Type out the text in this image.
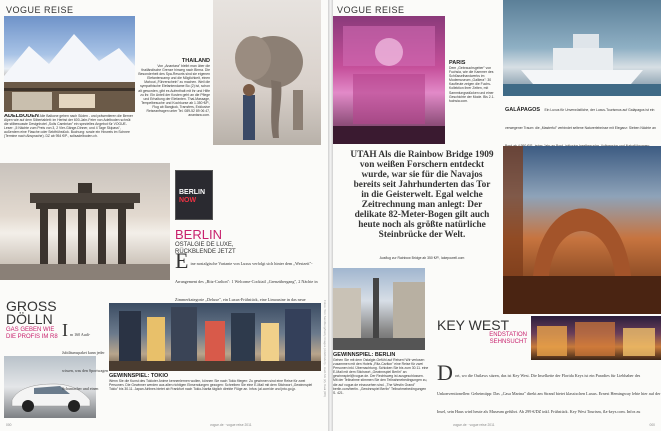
VOGUE REISE
ADELBODEN Alle Balkone gehen nach Süden - und präsentieren die Berner Alpen wie auf dem Silbertablett: im Herbst der 600-Jahr-Feier von Adelboden schnüt die stilbewusste Designhotel „Solis Cambrian" ein spezielles Angebot für VOGUE-Leser: „5 Nächte zum Preis von 3, 2 Vier-Gänge-Dinner, und 4 Tage Skipass", außerdem eine Flasche oder Sektfrühstück. Buchung: sowie ein Hinweis im Schnee (Termine nach Absprache). DZ ab 954 €/P., solisadelboden.ch.
THAILAND
Von „Anantara" bleibt man über die thailändische Grenze hinweg nach Birma. Die Besonderheit des Spa-Resorts sind sie eigenen Elefantencamp und die Möglichkeit, einen Mahout „Führerschein" zu machen. Weil die sympathische Elefantendame Bo (2) ist, schon alt geworden, gibt es Aufenthalt mit ihr und Hilfe zu ihr. Ein Anteil der Kosten geht an die Pflege und Erhaltung der Elefanten. Thai-Massage, Tempelbesuche und Kochkurse ab 1.350 €/P., Flug ab Bangkok, Transfers, Exklusive Reiseanfragen unter Tel. 089-52 89 06 47, anantara.com.
BERLIN
NOW
BERLIN
OSTALGIE DE LUXE,
RÜCKBLENDE JETZT
E ine nostalgische Variante von Luxus verfolgt sich hinter dem „Westzeit"-Arrangement des „Ritz-Carlton": 1 Welcome-Cocktail „Grenzübergang", 2 Nächte in Zimmerkategorie „Deluxe", ein Luxus-Frühstück, eine Limousine in das neue
GROSS
DÖLLN
GAS GEBEN WIE
DIE PROFIS IM R8 I m 160 Audi-Jubiläumspaket kann jeder wissen, was den Sportwagen Schumacher und einen
GEWINNSPIEL: TOKIO
Wenn Sie die Kunst des Tokioter Anime kennenlernen wollen, können Sie nach Tokio fliegen: Zu gewinnen sind eine Reise für zwei Personen. Die Gewinner werden aus allen richtigen Einsendungen gezogen: Schreiben Sie eine E-Mail mit dem Stichwort „Gewinnspiel Tokio" bis 30.11. Japan Airlines bietet ab Frankfurt nach Tokio-Narita täglich direkte Flüge an. Infos: jal.com/de und jnto.go.jp.
000	vogue.de · vogue reise 2011
Fotos: Tom Sandberg/Getty Images (Adelboden) · Audi AG (2), Kaal (R8)
VOGUE REISE
PARIS
Dem „Gebrauchsgeber" von Fuchsia, wie die Kammer des Schlüsselhandwerks im Modemuseum „Galliera": 30 Kaufleute zeigen die Fuchs-Kollektion ihrer Zeiten, mit Sammlungsstücken und einer Geschichte der Mode. Bis 2.1. fuchsia.com.
GALÁPAGOS Ein Luxus für Unverwüstliche, der Luxus-Tourismus auf Galápagos ist ein verwegener Traum: die „Masterful" verbindet seltene Naturerlebnisse mit Eleganz: Sieben Nächte an
UTAH Als die Rainbow Bridge 1909 von weißen Forschern entdeckt wurde, war sie für die Navajos bereits seit Jahrhunderten das Tor in die Geisterwelt. Egal welche Zeitrechnung man anlegt: Der delikate 82-Meter-Bogen gilt auch heute noch als größte natürliche Steinbrücke der Welt.
GEWINNSPIEL: BERLIN
Gehen Sie mit dem Ostalgie-Gefühl auf Reisen! Wir verlosen zusammen mit den Hotels „Ritz-Carlton" eine Reise für zwei Personen inkl. Übernachtung. Schicken Sie bis zum 30.11. eine E-Mail mit dem Stichwort „Gewinnspiel Berlin" an gewinnspiel@vogue.de. Der Rechtsweg ist ausgeschlossen. Mit der Teilnahme stimmen Sie den Teilnahmebedingungen zu, die auf vogue.de einzusehen sind. „The Westin Grand" berlin.com/berlin. „Gewinnspiel Berlin" Teilnahmebedingungen S. 421.
KEY WEST
ENDSTATION
SEHNSUCHT
D ort, wo die Outlaws sitzen, das ist Key West. Die Inselkette der Florida Keys ist ein Paradies für Liebhaber des Unkonventionellen: Geheimtipp: Das „Casa Marina" direkt am Strand bietet klassischen Luxus. Ernest Hemingway lebte hier auf der Insel, sein Haus wird heute als Museum geführt. Ab 299 €/DZ inkl. Frühstück. Key West Tourism, fla-keys.com. Infos zu
vogue.de · vogue reise 2011	000
Ausflug zur Rainbow Bridge ab 350 €/P., lakepowell.com
